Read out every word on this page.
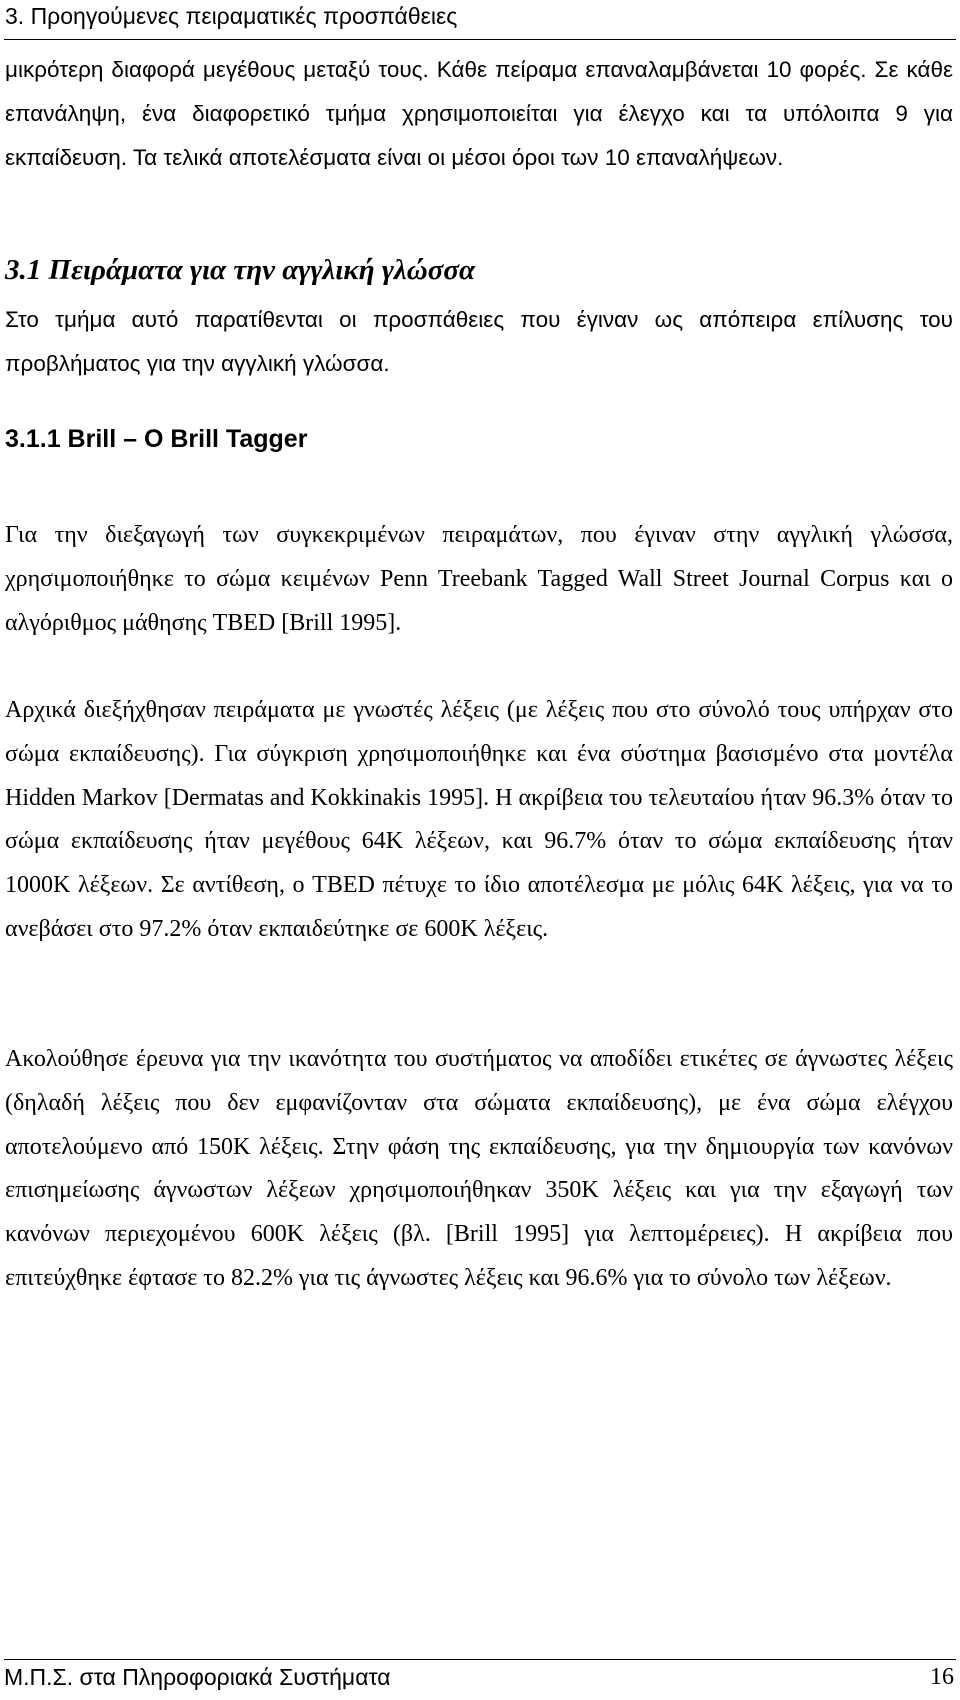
3. Προηγούμενες πειραματικές προσπάθειες

μικρότερη διαφορά μεγέθους μεταξύ τους. Κάθε πείραμα επαναλαμβάνεται 10 φορές. Σε κάθε επανάληψη, ένα διαφορετικό τμήμα χρησιμοποιείται για έλεγχο και τα υπόλοιπα 9 για εκπαίδευση. Τα τελικά αποτελέσματα είναι οι μέσοι όροι των 10 επαναλήψεων.

3.1 Πειράματα για την αγγλική γλώσσα

Στο τμήμα αυτό παρατίθενται οι προσπάθειες που έγιναν ως απόπειρα επίλυσης του προβλήματος για την αγγλική γλώσσα.

3.1.1 Brill – O Brill Tagger

Για την διεξαγωγή των συγκεκριμένων πειραμάτων, που έγιναν στην αγγλική γλώσσα, χρησιμοποιήθηκε το σώμα κειμένων Penn Treebank Tagged Wall Street Journal Corpus και ο αλγόριθμος μάθησης TBED [Brill 1995].

Αρχικά διεξήχθησαν πειράματα με γνωστές λέξεις (με λέξεις που στο σύνολό τους υπήρχαν στο σώμα εκπαίδευσης). Για σύγκριση χρησιμοποιήθηκε και ένα σύστημα βασισμένο στα μοντέλα Hidden Markov [Dermatas and Kokkinakis 1995]. Η ακρίβεια του τελευταίου ήταν 96.3% όταν το σώμα εκπαίδευσης ήταν μεγέθους 64K λέξεων, και 96.7% όταν το σώμα εκπαίδευσης ήταν 1000K λέξεων. Σε αντίθεση, ο TBED πέτυχε το ίδιο αποτέλεσμα με μόλις 64K λέξεις, για να το ανεβάσει στο 97.2% όταν εκπαιδεύτηκε σε 600K λέξεις.

Ακολούθησε έρευνα για την ικανότητα του συστήματος να αποδίδει ετικέτες σε άγνωστες λέξεις (δηλαδή λέξεις που δεν εμφανίζονταν στα σώματα εκπαίδευσης), με ένα σώμα ελέγχου αποτελούμενο από 150K λέξεις. Στην φάση της εκπαίδευσης, για την δημιουργία των κανόνων επισημείωσης άγνωστων λέξεων χρησιμοποιήθηκαν 350K λέξεις και για την εξαγωγή των κανόνων περιεχομένου 600K λέξεις (βλ. [Brill 1995] για λεπτομέρειες). Η ακρίβεια που επιτεύχθηκε έφτασε το 82.2% για τις άγνωστες λέξεις και 96.6% για το σύνολο των λέξεων.

Μ.Π.Σ. στα Πληροφοριακά Συστήματα	16
